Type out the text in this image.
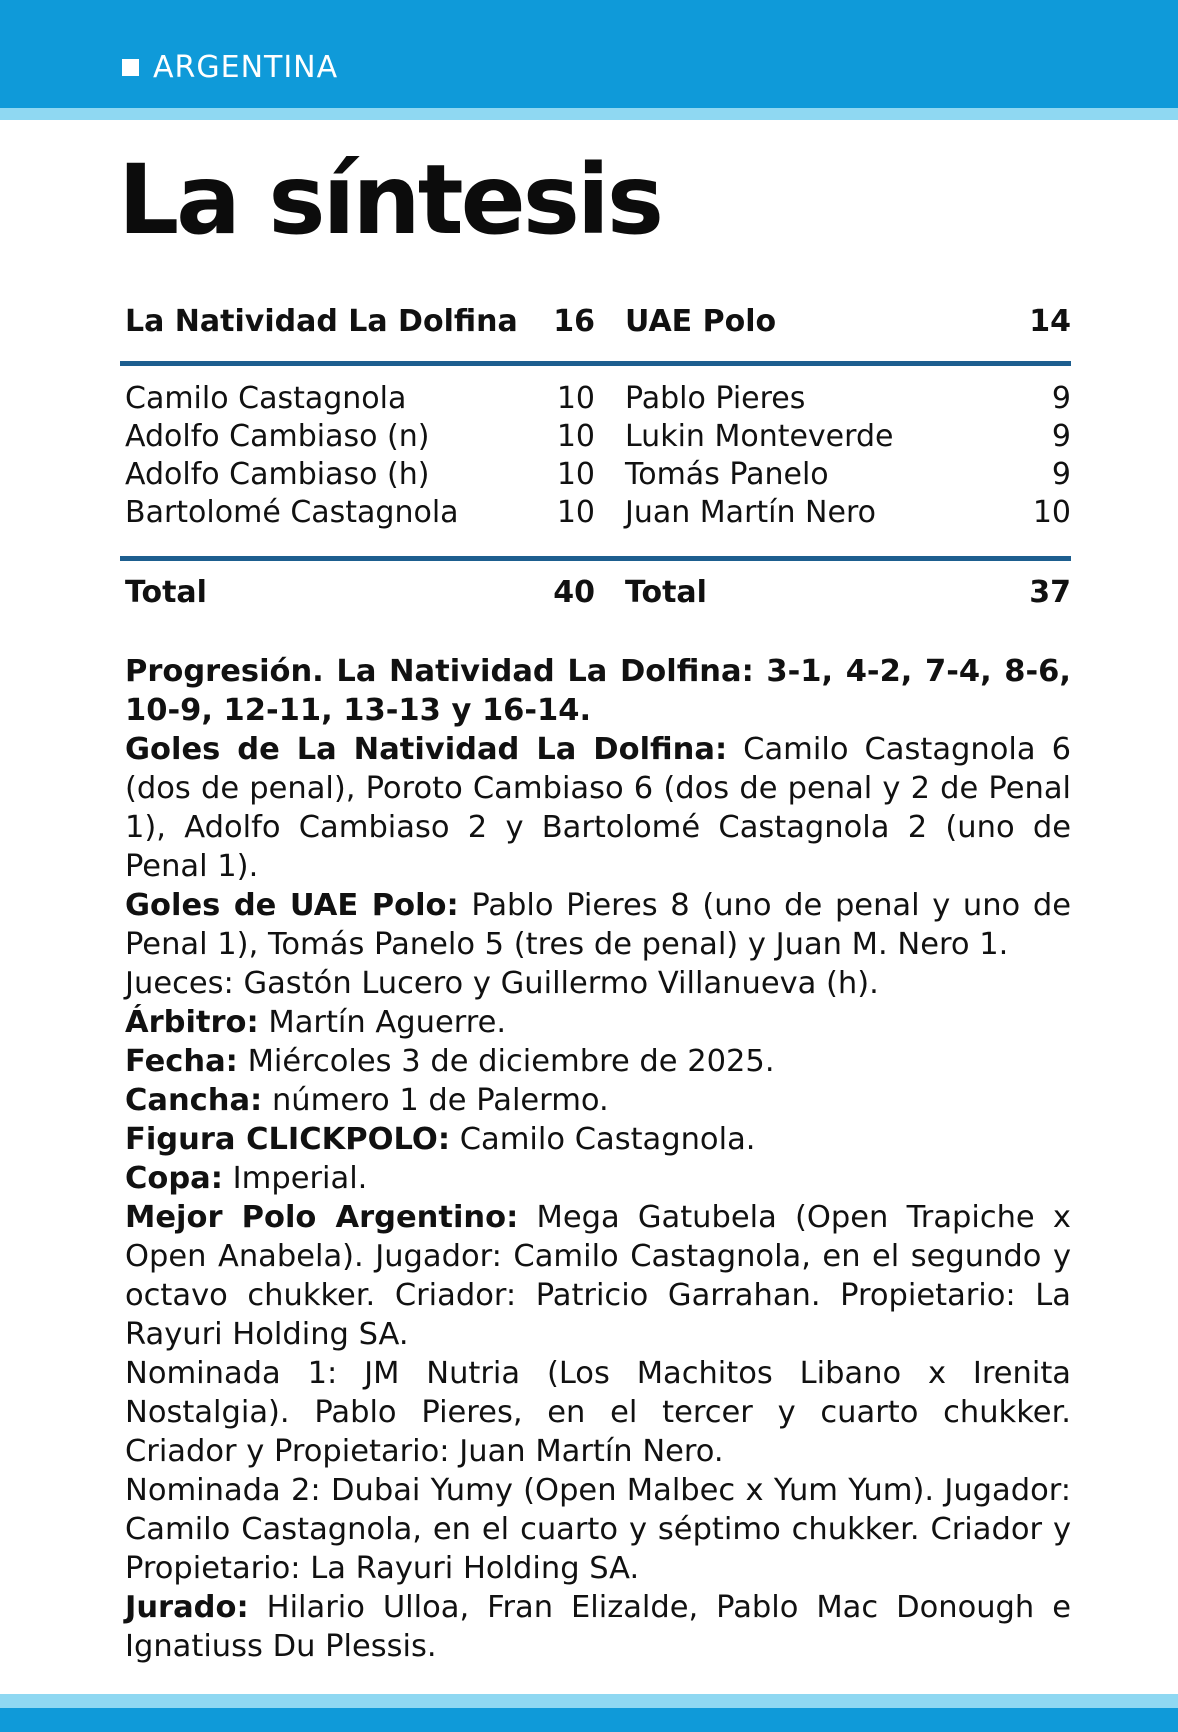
ARGENTINA
La síntesis
La Natividad La Dolfina 16 UAE Polo	14
Camilo Castagnola	10 Pablo Pieres	9
Adolfo Cambiaso (n)	10 Lukin Monteverde	9
Adolfo Cambiaso (h)	10 Tomás Panelo	9
Bartolomé Castagnola	10 Juan Martín Nero	10
Total	40 Total	37

Progresión. La Natividad La Dolfina: 3-1, 4-2, 7-4, 8-6, 10-9, 12-11, 13-13 y 16-14.

Goles de La Natividad La Dolfina: Camilo Castagnola 6 (dos de penal), Poroto Cambiaso 6 (dos de penal y 2 de Penal 1), Adolfo Cambiaso 2 y Bartolomé Castagnola 2 (uno de Penal 1).

Goles de UAE Polo: Pablo Pieres 8 (uno de penal y uno de Penal 1), Tomás Panelo 5 (tres de penal) y Juan M. Nero 1.

Jueces: Gastón Lucero y Guillermo Villanueva (h).

Árbitro: Martín Aguerre.

Fecha: Miércoles 3 de diciembre de 2025.

Cancha: número 1 de Palermo.

Figura CLICKPOLO: Camilo Castagnola.

Copa: Imperial.

Mejor Polo Argentino: Mega Gatubela (Open Trapiche x Open Anabela). Jugador: Camilo Castagnola, en el segundo y octavo chukker. Criador: Patricio Garrahan. Propietario: La Rayuri Holding SA.

Nominada 1: JM Nutria (Los Machitos Libano x Irenita Nostalgia). Pablo Pieres, en el tercer y cuarto chukker. Criador y Propietario: Juan Martín Nero.

Nominada 2: Dubai Yumy (Open Malbec x Yum Yum). Jugador: Camilo Castagnola, en el cuarto y séptimo chukker. Criador y Propietario: La Rayuri Holding SA.

Jurado: Hilario Ulloa, Fran Elizalde, Pablo Mac Donough e Ignatiuss Du Plessis.
